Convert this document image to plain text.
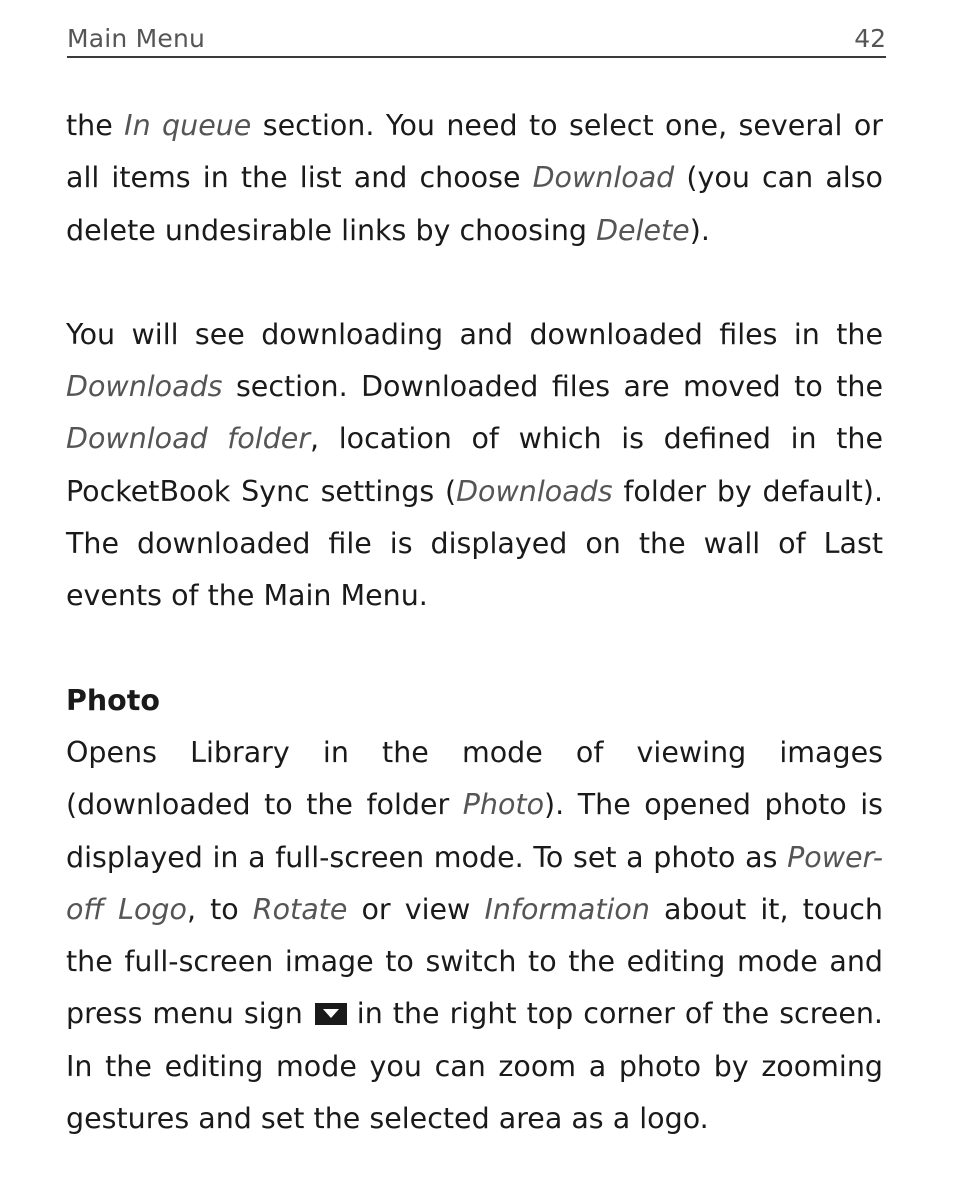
Main Menu	42

the In queue section. You need to select one, several or all items in the list and choose Download (you can also delete undesirable links by choosing Delete).

You will see downloading and downloaded files in the Downloads section. Downloaded files are moved to the Download folder, location of which is defined in the PocketBook Sync settings (Downloads folder by default). The downloaded file is displayed on the wall of Last events of the Main Menu.

Photo

Opens Library in the mode of viewing images (downloaded to the folder Photo). The opened photo is displayed in a full-screen mode. To set a photo as Power-off Logo, to Rotate or view Information about it, touch the full-screen image to switch to the editing mode and press menu sign  in the right top corner of the screen. In the editing mode you can zoom a photo by zooming gestures and set the selected area as a logo.
